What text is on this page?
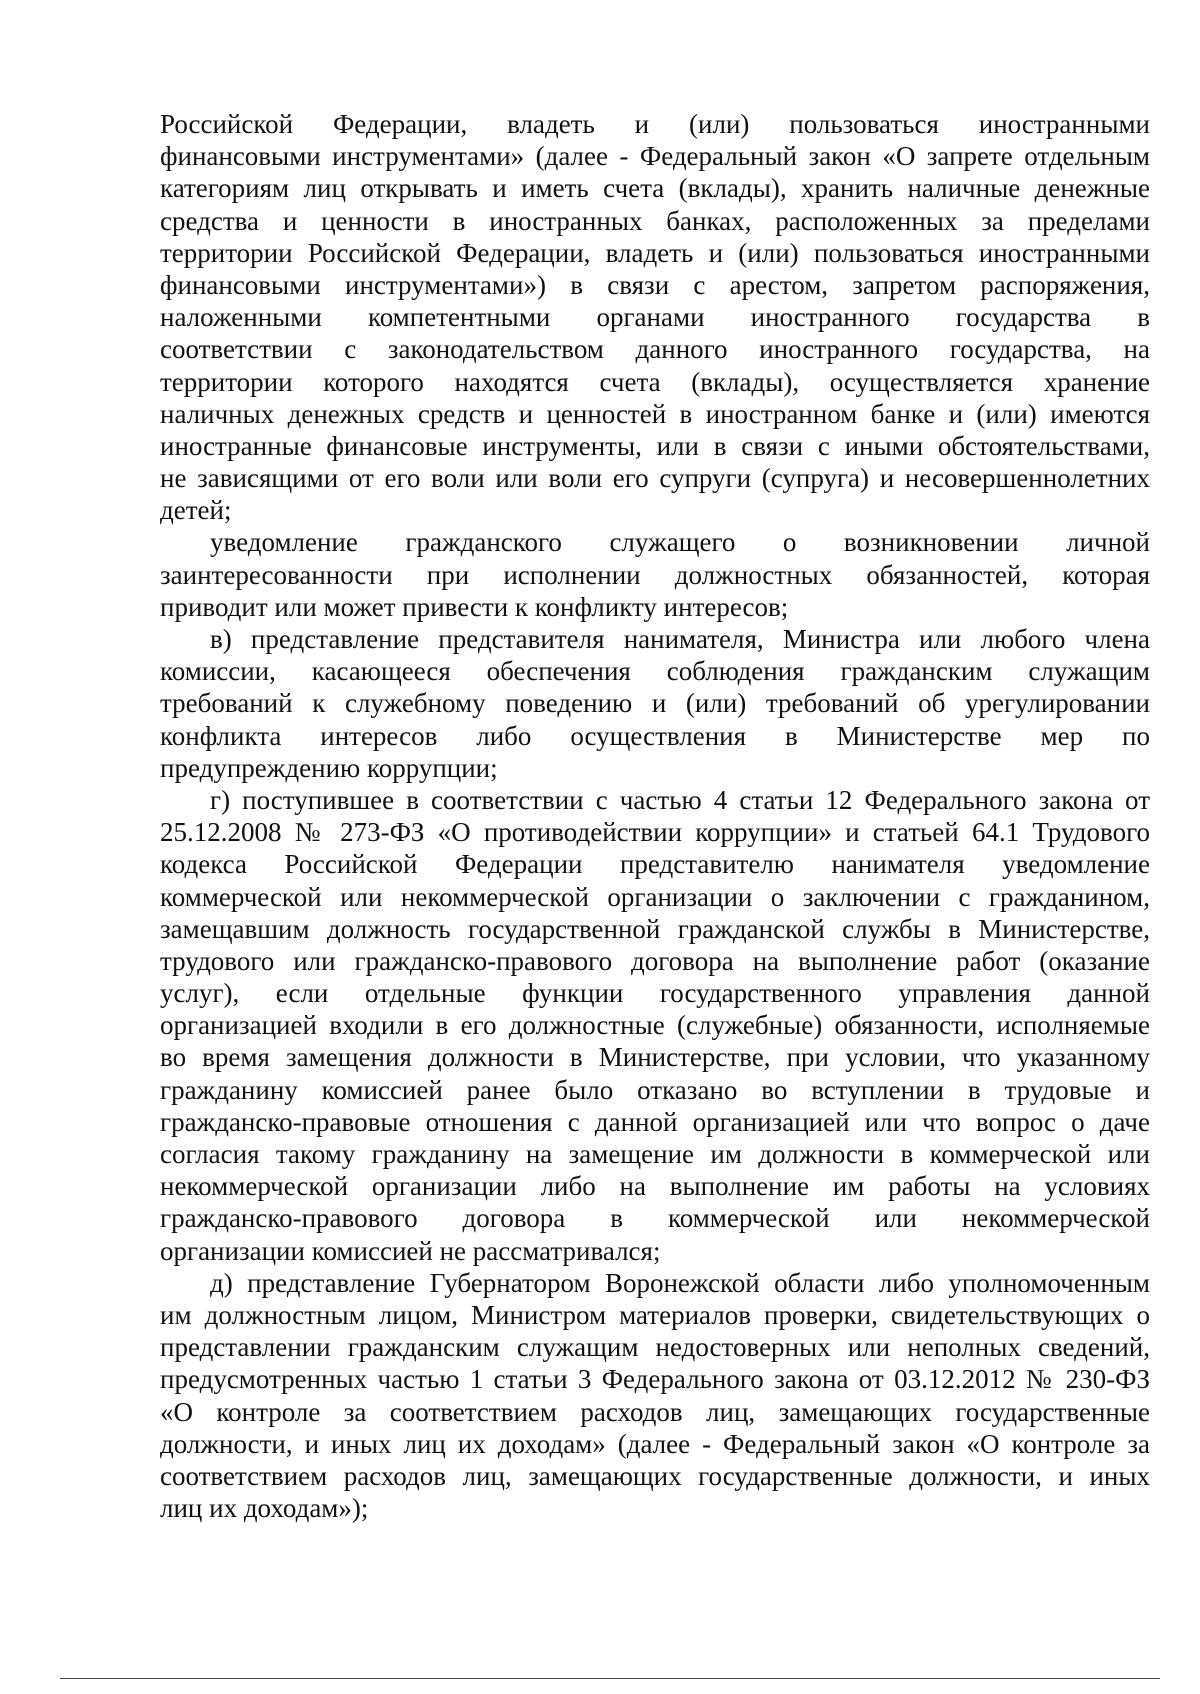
Российской Федерации, владеть и (или) пользоваться иностранными
финансовыми инструментами» (далее - Федеральный закон «О запрете отдельным
категориям лиц открывать и иметь счета (вклады), хранить наличные денежные
средства и ценности в иностранных банках, расположенных за пределами
территории Российской Федерации, владеть и (или) пользоваться иностранными
финансовыми инструментами») в связи с арестом, запретом распоряжения,
наложенными компетентными органами иностранного государства в
соответствии с законодательством данного иностранного государства, на
территории которого находятся счета (вклады), осуществляется хранение
наличных денежных средств и ценностей в иностранном банке и (или) имеются
иностранные финансовые инструменты, или в связи с иными обстоятельствами,
не зависящими от его воли или воли его супруги (супруга) и несовершеннолетних
детей;
уведомление гражданского служащего о возникновении личной
заинтересованности при исполнении должностных обязанностей, которая
приводит или может привести к конфликту интересов;
в) представление представителя нанимателя, Министра или любого члена
комиссии, касающееся обеспечения соблюдения гражданским служащим
требований к служебному поведению и (или) требований об урегулировании
конфликта интересов либо осуществления в Министерстве мер по
предупреждению коррупции;
г) поступившее в соответствии с частью 4 статьи 12 Федерального закона от
25.12.2008 № 273-ФЗ «О противодействии коррупции» и статьей 64.1 Трудового
кодекса Российской Федерации представителю нанимателя уведомление
коммерческой или некоммерческой организации о заключении с гражданином,
замещавшим должность государственной гражданской службы в Министерстве,
трудового или гражданско-правового договора на выполнение работ (оказание
услуг), если отдельные функции государственного управления данной
организацией входили в его должностные (служебные) обязанности, исполняемые
во время замещения должности в Министерстве, при условии, что указанному
гражданину комиссией ранее было отказано во вступлении в трудовые и
гражданско-правовые отношения с данной организацией или что вопрос о даче
согласия такому гражданину на замещение им должности в коммерческой или
некоммерческой организации либо на выполнение им работы на условиях
гражданско-правового договора в коммерческой или некоммерческой
организации комиссией не рассматривался;
д) представление Губернатором Воронежской области либо уполномоченным
им должностным лицом, Министром материалов проверки, свидетельствующих о
представлении гражданским служащим недостоверных или неполных сведений,
предусмотренных частью 1 статьи 3 Федерального закона от 03.12.2012 № 230-ФЗ
«О контроле за соответствием расходов лиц, замещающих государственные
должности, и иных лиц их доходам» (далее - Федеральный закон «О контроле за
соответствием расходов лиц, замещающих государственные должности, и иных
лиц их доходам»);
